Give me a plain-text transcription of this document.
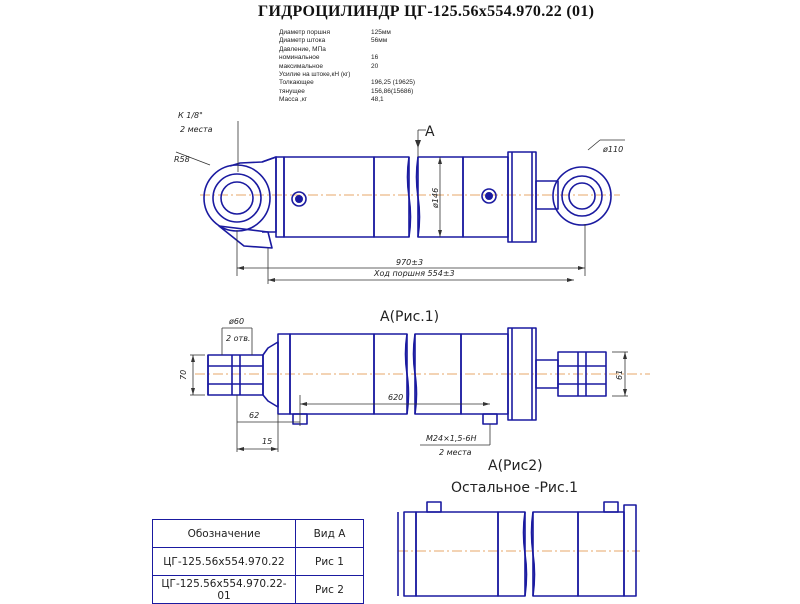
ГИДРОЦИЛИНДР ЦГ-125.56х554.970.22 (01)
Диаметр поршня	125мм
Диаметр штока	56мм
Давление, МПа
номинальное	16
максимальное	20
Усилие на штоке,кН (кг)
Толкающее	196,25 (19625)
тянущее	156,86(15686)
Масса ,кг	48,1
К 1/8"
2 места
R58
А
ø110
ø146
970±3
Ход поршня 554±3
А(Рис.1)
ø60
2 отв.
70	61
620
62
15	М24×1,5-6Н
2 места
А(Рис2)
Остальное -Рис.1
Обозначение	Вид А
ЦГ-125.56х554.970.22	Рис 1
ЦГ-125.56х554.970.22-01	Рис 2
